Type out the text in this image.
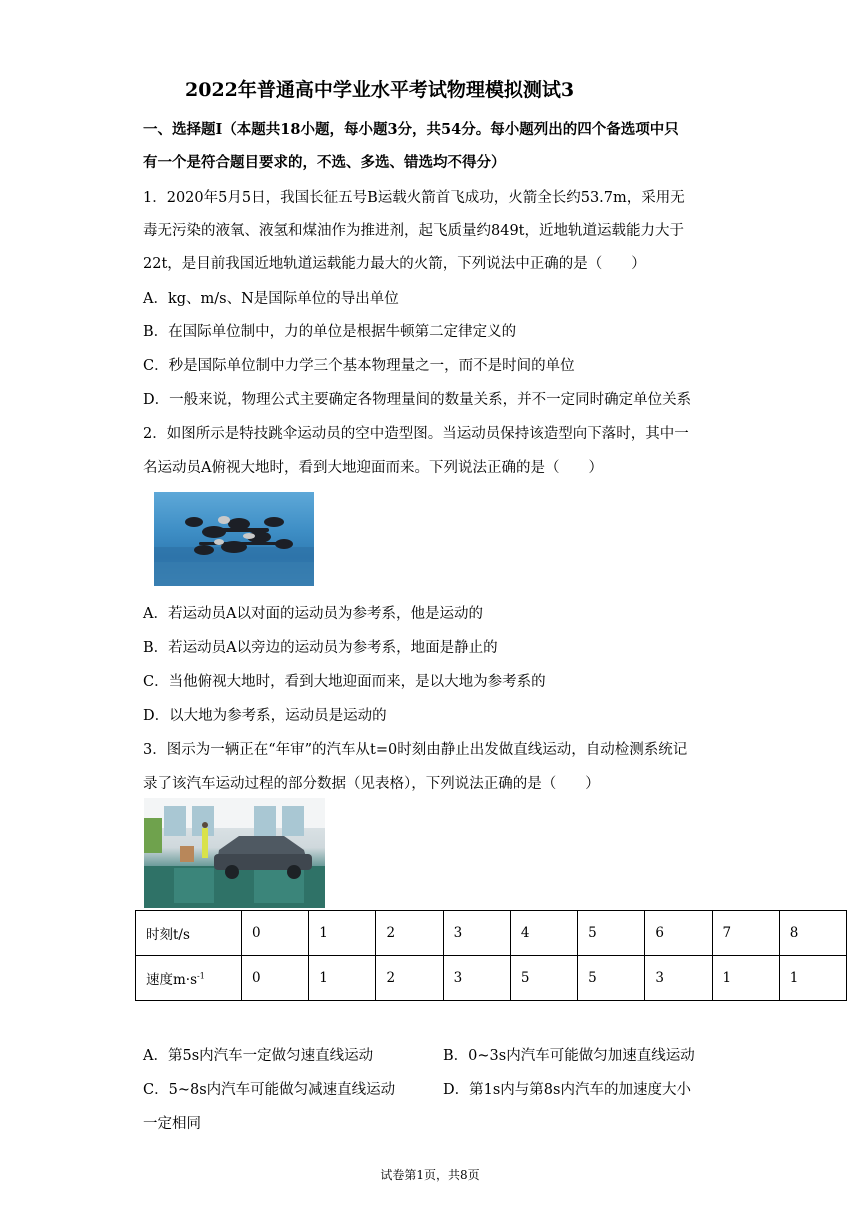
2022年普通高中学业水平考试物理模拟测试3
一、选择题Ⅰ（本题共18小题，每小题3分，共54分。每小题列出的四个备选项中只
有一个是符合题目要求的，不选、多选、错选均不得分）
1．2020年5月5日，我国长征五号B运载火箭首飞成功，火箭全长约53.7m，采用无
毒无污染的液氧、液氢和煤油作为推进剂，起飞质量约849t，近地轨道运载能力大于
22t，是目前我国近地轨道运载能力最大的火箭，下列说法中正确的是（　　）
A．kg、m/s、N是国际单位的导出单位
B．在国际单位制中，力的单位是根据牛顿第二定律定义的
C．秒是国际单位制中力学三个基本物理量之一，而不是时间的单位
D．一般来说，物理公式主要确定各物理量间的数量关系，并不一定同时确定单位关系
2．如图所示是特技跳伞运动员的空中造型图。当运动员保持该造型向下落时，其中一
名运动员A俯视大地时，看到大地迎面而来。下列说法正确的是（　　）
A．若运动员A以对面的运动员为参考系，他是运动的
B．若运动员A以旁边的运动员为参考系，地面是静止的
C．当他俯视大地时，看到大地迎面而来，是以大地为参考系的
D．以大地为参考系，运动员是运动的
3．图示为一辆正在“年审”的汽车从t=0时刻由静止出发做直线运动，自动检测系统记
录了该汽车运动过程的部分数据（见表格），下列说法正确的是（　　）
时刻t/s	0	1	2	3	4	5	6	7	8
速度$m\cdot s^{-1}$	0	1	2	3	5	5	3	1	1
A．第5s内汽车一定做匀速直线运动	B．0~3s内汽车可能做匀加速直线运动
C．5~8s内汽车可能做匀减速直线运动	D．第1s内与第8s内汽车的加速度大小
一定相同
试卷第1页，共8页
